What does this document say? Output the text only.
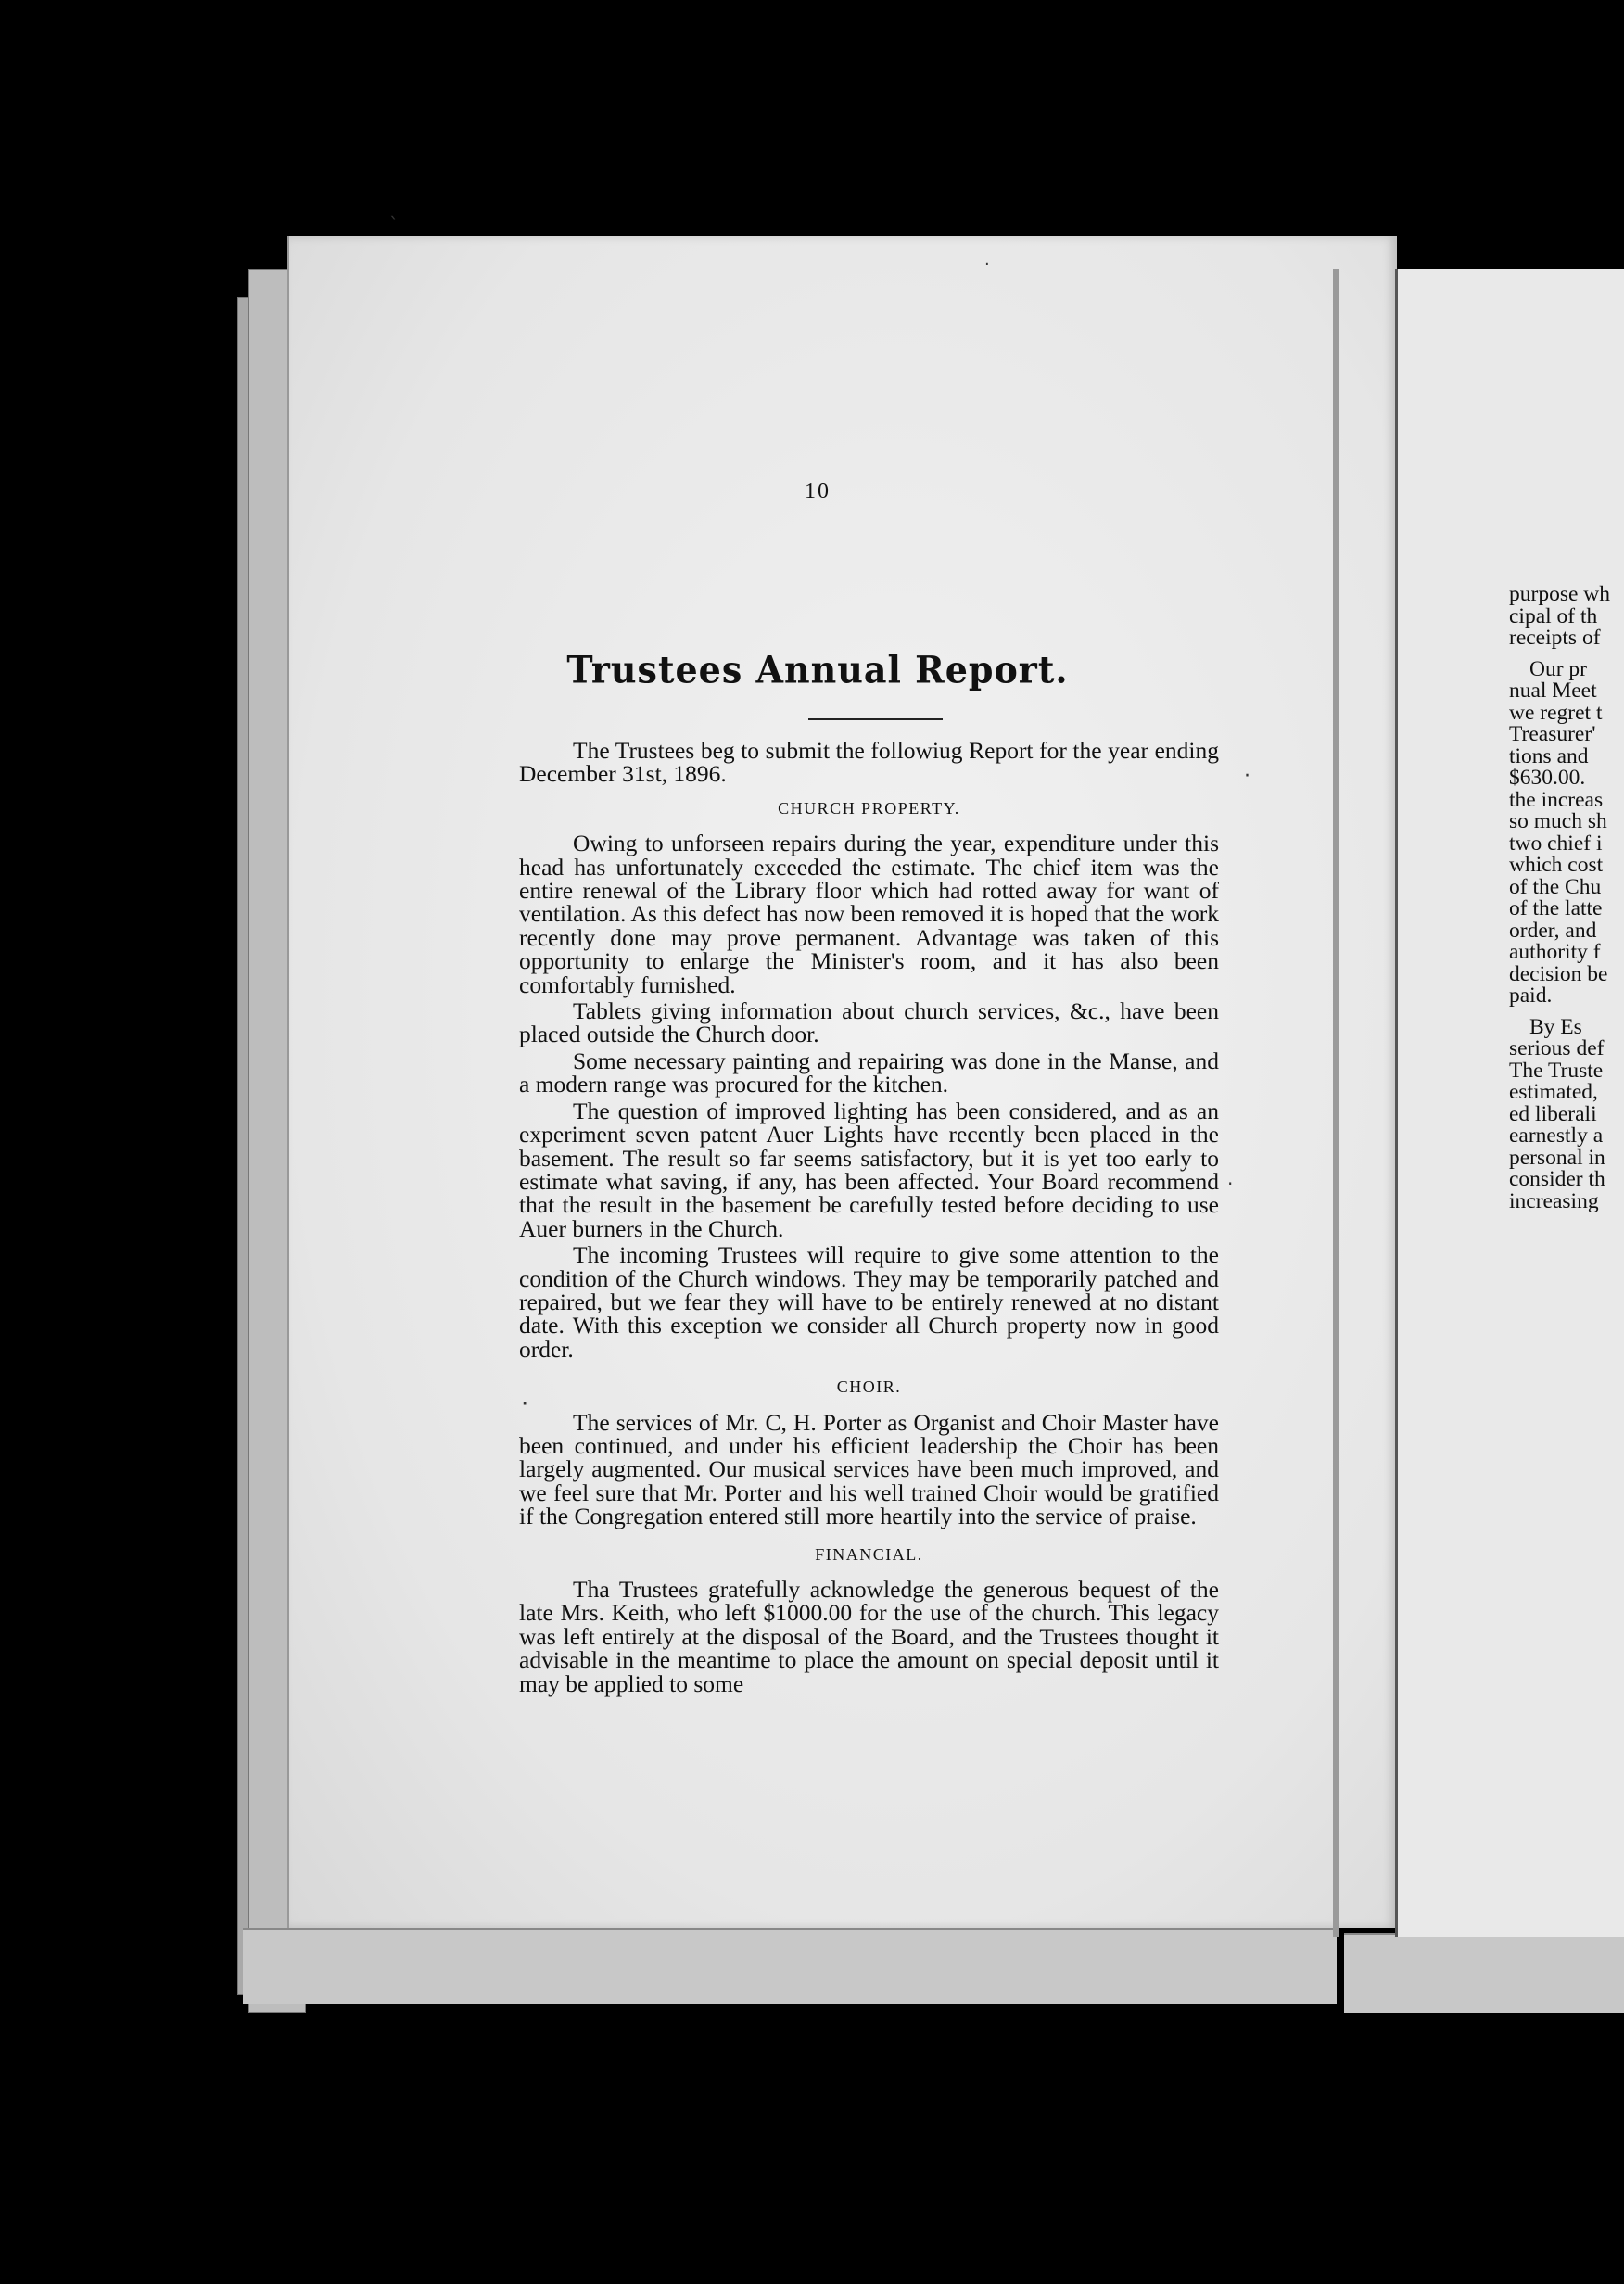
10
Trustees Annual Report.

The Trustees beg to submit the followiug Report for the year ending December 31st, 1896.

CHURCH PROPERTY.

Owing to unforseen repairs during the year, expenditure under this head has unfortunately exceeded the estimate. The chief item was the entire renewal of the Library floor which had rotted away for want of ventilation. As this defect has now been removed it is hoped that the work recently done may prove permanent. Advantage was taken of this opportunity to enlarge the Minister's room, and it has also been comfortably furnished.

Tablets giving information about church services, &c., have been placed outside the Church door.

Some necessary painting and repairing was done in the Manse, and a modern range was procured for the kitchen.

The question of improved lighting has been considered, and as an experiment seven patent Auer Lights have recently been placed in the basement. The result so far seems satisfactory, but it is yet too early to estimate what saving, if any, has been affected. Your Board recommend that the result in the basement be carefully tested before deciding to use Auer burners in the Church.

The incoming Trustees will require to give some attention to the condition of the Church windows. They may be temporarily patched and repaired, but we fear they will have to be entirely renewed at no distant date. With this exception we consider all Church property now in good order.

CHOIR.

The services of Mr. C, H. Porter as Organist and Choir Master have been continued, and under his efficient leadership the Choir has been largely augmented. Our musical services have been much improved, and we feel sure that Mr. Porter and his well trained Choir would be gratified if the Congregation entered still more heartily into the service of praise.

FINANCIAL.

Tha Trustees gratefully acknowledge the generous bequest of the late Mrs. Keith, who left $1000.00 for the use of the church. This legacy was left entirely at the disposal of the Board, and the Trustees thought it advisable in the meantime to place the amount on special deposit until it may be applied to some

ˋ
·
·
·
·
purpose wh
cipal of th
receipts of
Our pr
nual Meet
we regret t
Treasurer'
tions and
$630.00.
the increas
so much sh
two chief i
which cost
of the Chu
of the latte
order, and
authority f
decision be
paid.
By Es
serious def
The Truste
estimated,
ed liberali
earnestly a
personal in
consider th
increasing
